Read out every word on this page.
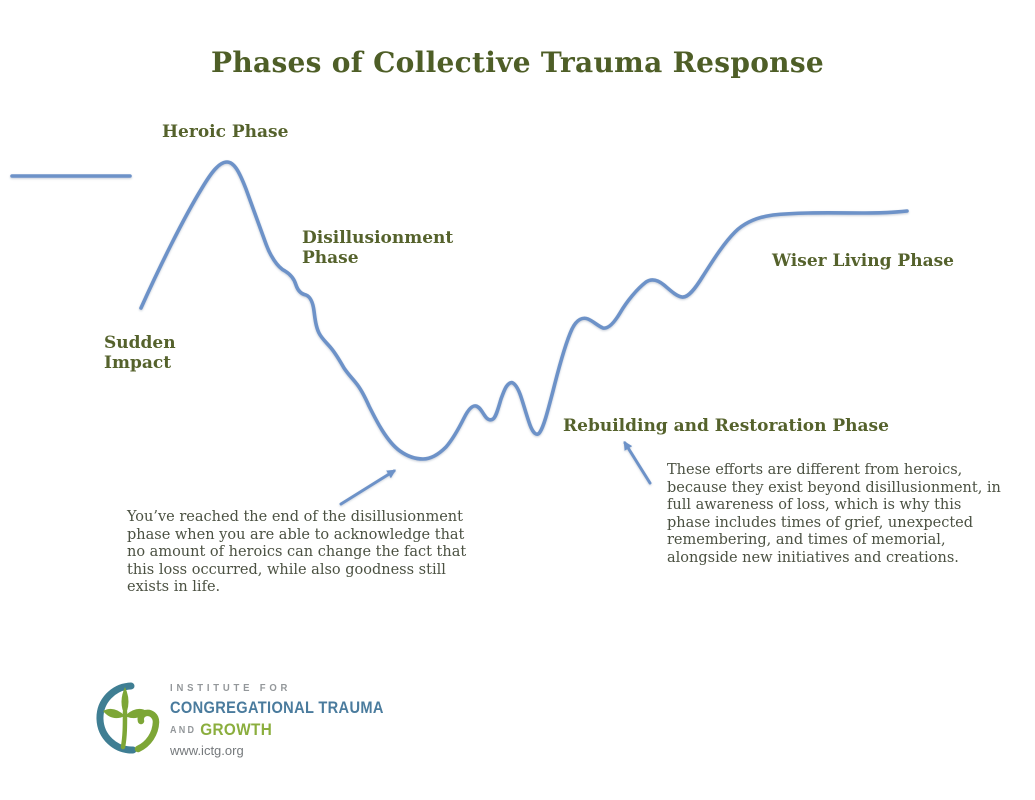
Phases of Collective Trauma Response
Heroic Phase
Disillusionment
Phase
Sudden
Impact
Rebuilding and Restoration Phase
Wiser Living Phase
You’ve reached the end of the disillusionment
phase when you are able to acknowledge that
no amount of heroics can change the fact that
this loss occurred, while also goodness still
exists in life.
These efforts are different from heroics,
because they exist beyond disillusionment, in
full awareness of loss, which is why this
phase includes times of grief, unexpected
remembering, and times of memorial,
alongside new initiatives and creations.
INSTITUTE FOR
CONGREGATIONAL TRAUMA
AND GROWTH
www.ictg.org
